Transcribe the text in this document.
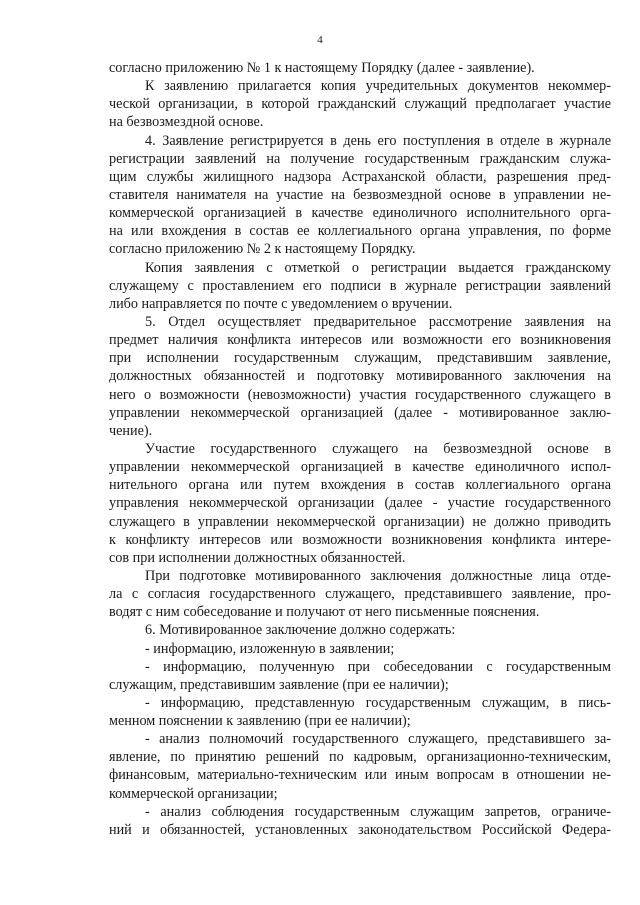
4
согласно приложению № 1 к настоящему Порядку (далее - заявление).
К заявлению прилагается копия учредительных документов некоммер-
ческой организации, в которой гражданский служащий предполагает участие
на безвозмездной основе.
4. Заявление регистрируется в день его поступления в отделе в журнале
регистрации заявлений на получение государственным гражданским служа-
щим службы жилищного надзора Астраханской области, разрешения пред-
ставителя нанимателя на участие на безвозмездной основе в управлении не-
коммерческой организацией в качестве единоличного исполнительного орга-
на или вхождения в состав ее коллегиального органа управления, по форме
согласно приложению № 2 к настоящему Порядку.
Копия заявления с отметкой о регистрации выдается гражданскому
служащему с проставлением его подписи в журнале регистрации заявлений
либо направляется по почте с уведомлением о вручении.
5. Отдел осуществляет предварительное рассмотрение заявления на
предмет наличия конфликта интересов или возможности его возникновения
при исполнении государственным служащим, представившим заявление,
должностных обязанностей и подготовку мотивированного заключения на
него о возможности (невозможности) участия государственного служащего в
управлении некоммерческой организацией (далее - мотивированное заклю-
чение).
Участие государственного служащего на безвозмездной основе в
управлении некоммерческой организацией в качестве единоличного испол-
нительного органа или путем вхождения в состав коллегиального органа
управления некоммерческой организации (далее - участие государственного
служащего в управлении некоммерческой организации) не должно приводить
к конфликту интересов или возможности возникновения конфликта интере-
сов при исполнении должностных обязанностей.
При подготовке мотивированного заключения должностные лица отде-
ла с согласия государственного служащего, представившего заявление, про-
водят с ним собеседование и получают от него письменные пояснения.
6. Мотивированное заключение должно содержать:
- информацию, изложенную в заявлении;
- информацию, полученную при собеседовании с государственным
служащим, представившим заявление (при ее наличии);
- информацию, представленную государственным служащим, в пись-
менном пояснении к заявлению (при ее наличии);
- анализ полномочий государственного служащего, представившего за-
явление, по принятию решений по кадровым, организационно-техническим,
финансовым, материально-техническим или иным вопросам в отношении не-
коммерческой организации;
- анализ соблюдения государственным служащим запретов, ограниче-
ний и обязанностей, установленных законодательством Российской Федера-
